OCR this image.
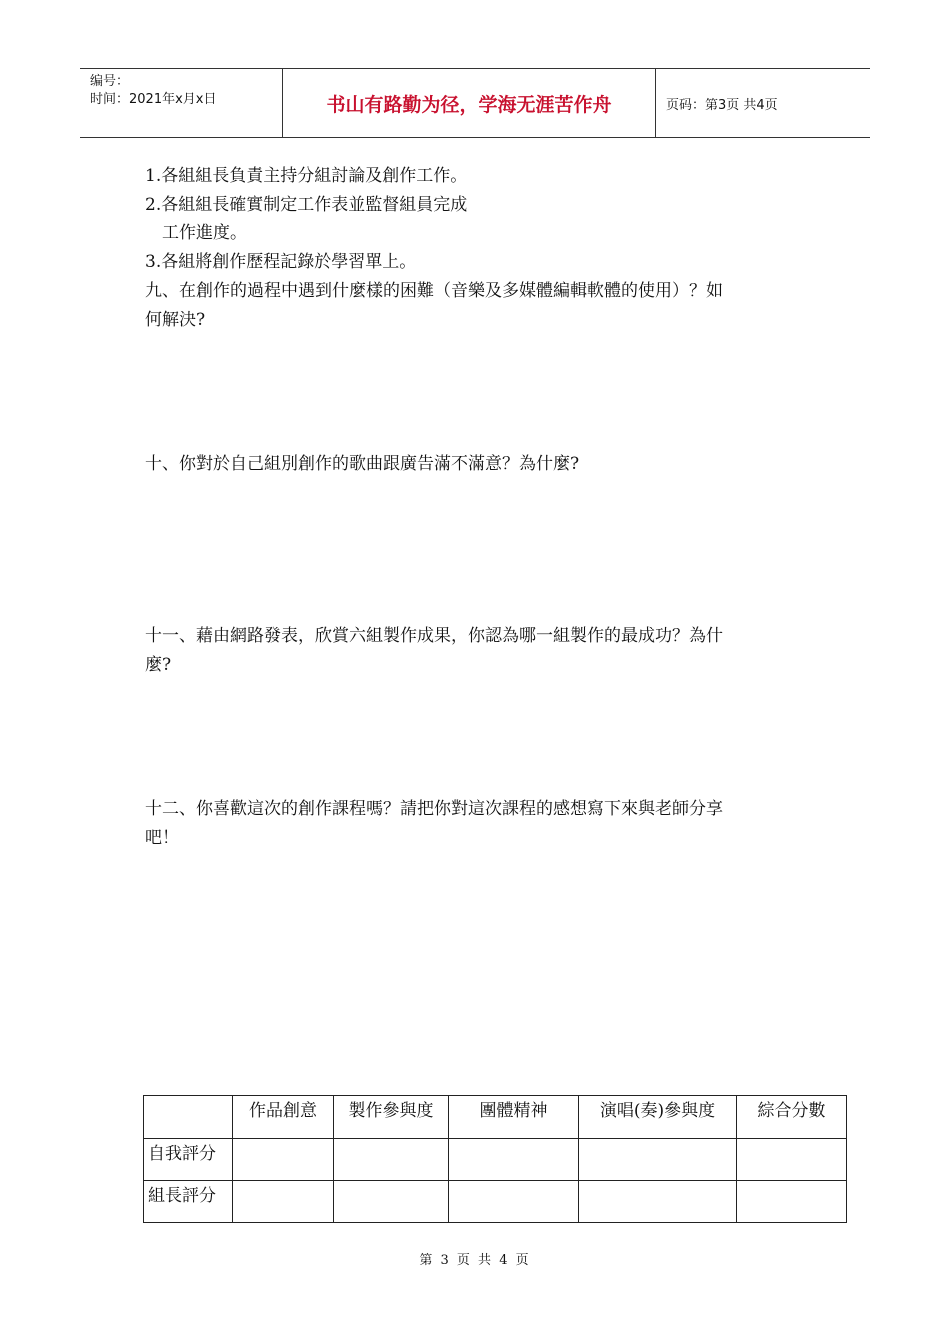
编号：
时间：2021年x月x日	书山有路勤为径，学海无涯苦作舟	页码：第3页 共4页
1.各組組長負責主持分組討論及創作工作。
2.各組組長確實制定工作表並監督組員完成
工作進度。
3.各組將創作歷程記錄於學習單上。
九、在創作的過程中遇到什麼樣的困難（音樂及多媒體編輯軟體的使用）？如
何解決?
十、你對於自己組別創作的歌曲跟廣告滿不滿意？為什麼?
十一、藉由網路發表，欣賞六組製作成果，你認為哪一組製作的最成功？為什
麼?
十二、你喜歡這次的創作課程嗎？請把你對這次課程的感想寫下來與老師分享
吧！
	作品創意	製作參與度	團體精神	演唱(奏)參與度	綜合分數
自我評分					
組長評分					
第 3 页 共 4 页
